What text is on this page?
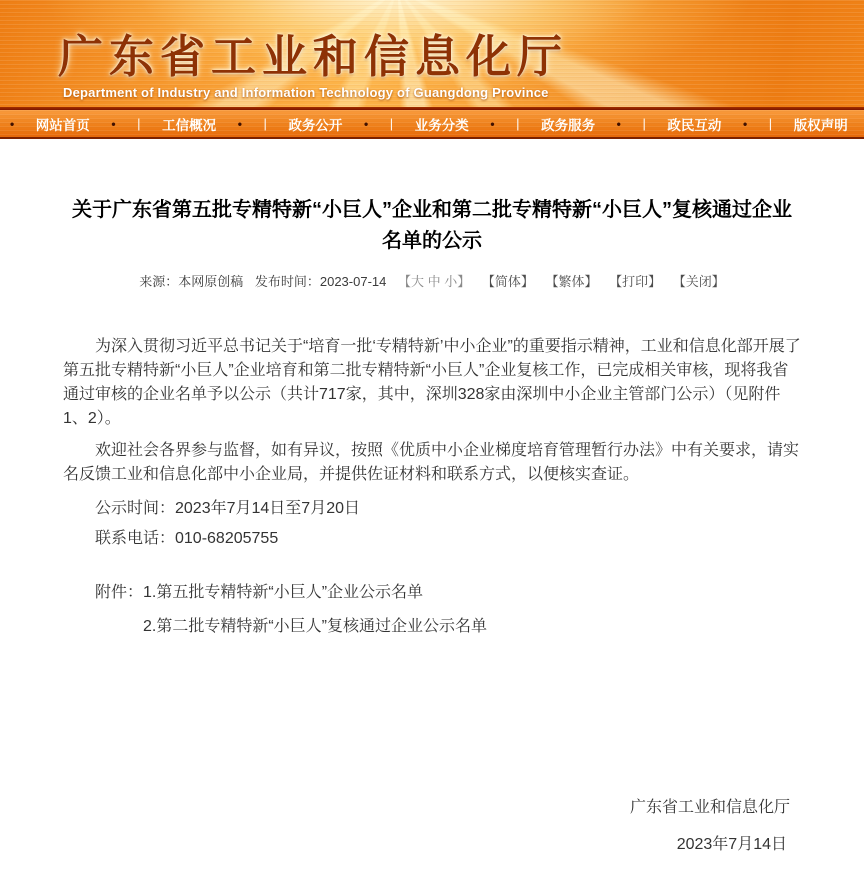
广东省工业和信息化厅
Department of Industry and Information Technology of Guangdong Province
• 网站首页 • | 工信概况 • | 政务公开 • | 业务分类 • | 政务服务 • | 政民互动 • | 版权声明
关于广东省第五批专精特新“小巨人”企业和第二批专精特新“小巨人”复核通过企业名单的公示
来源：本网原创稿 发布时间：2023-07-14 【大 中 小】 【简体】 【繁体】 【打印】 【关闭】

为深入贯彻习近平总书记关于“培育一批‘专精特新’中小企业”的重要指示精神，工业和信息化部开展了第五批专精特新“小巨人”企业培育和第二批专精特新“小巨人”企业复核工作，已完成相关审核，现将我省通过审核的企业名单予以公示（共计717家，其中，深圳328家由深圳中小企业主管部门公示）（见附件1、2）。

欢迎社会各界参与监督，如有异议，按照《优质中小企业梯度培育管理暂行办法》中有关要求，请实名反馈工业和信息化部中小企业局，并提供佐证材料和联系方式，以便核实查证。

公示时间：2023年7月14日至7月20日

联系电话：010-68205755

附件：1.第五批专精特新“小巨人”企业公示名单

2.第二批专精特新“小巨人”复核通过企业公示名单

广东省工业和信息化厅
2023年7月14日
